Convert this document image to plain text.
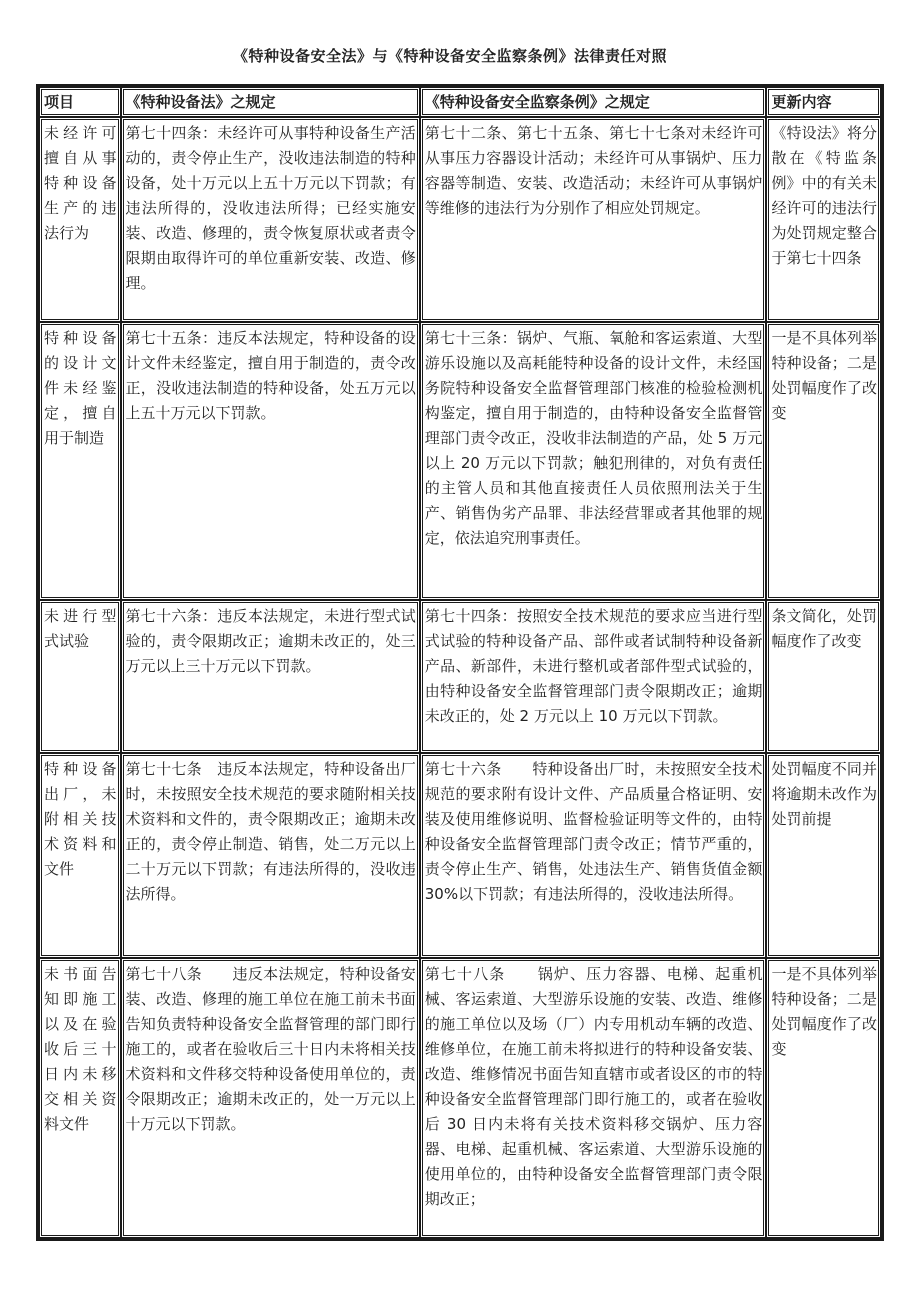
《特种设备安全法》与《特种设备安全监察条例》法律责任对照
项目	《特种设备法》之规定	《特种设备安全监察条例》之规定	更新内容
未经许可擅自从事特种设备生产的违法行为	第七十四条：未经许可从事特种设备生产活动的，责令停止生产，没收违法制造的特种设备，处十万元以上五十万元以下罚款；有违法所得的，没收违法所得；已经实施安装、改造、修理的，责令恢复原状或者责令限期由取得许可的单位重新安装、改造、修理。	第七十二条、第七十五条、第七十七条对未经许可从事压力容器设计活动；未经许可从事锅炉、压力容器等制造、安装、改造活动；未经许可从事锅炉等维修的违法行为分别作了相应处罚规定。	《特设法》将分散在《特监条例》中的有关未经许可的违法行为处罚规定整合于第七十四条
特种设备的设计文件未经鉴定，擅自用于制造	第七十五条：违反本法规定，特种设备的设计文件未经鉴定，擅自用于制造的，责令改正，没收违法制造的特种设备，处五万元以上五十万元以下罚款。	第七十三条：锅炉、气瓶、氧舱和客运索道、大型游乐设施以及高耗能特种设备的设计文件，未经国务院特种设备安全监督管理部门核准的检验检测机构鉴定，擅自用于制造的，由特种设备安全监督管理部门责令改正，没收非法制造的产品，处 5 万元以上 20 万元以下罚款；触犯刑律的，对负有责任的主管人员和其他直接责任人员依照刑法关于生产、销售伪劣产品罪、非法经营罪或者其他罪的规定，依法追究刑事责任。	一是不具体列举特种设备；二是处罚幅度作了改变
未进行型式试验	第七十六条：违反本法规定，未进行型式试验的，责令限期改正；逾期未改正的，处三万元以上三十万元以下罚款。	第七十四条：按照安全技术规范的要求应当进行型式试验的特种设备产品、部件或者试制特种设备新产品、新部件，未进行整机或者部件型式试验的，由特种设备安全监督管理部门责令限期改正；逾期未改正的，处 2 万元以上 10 万元以下罚款。	条文简化，处罚幅度作了改变
特种设备出厂，未附相关技术资料和文件	第七十七条　违反本法规定，特种设备出厂时，未按照安全技术规范的要求随附相关技术资料和文件的，责令限期改正；逾期未改正的，责令停止制造、销售，处二万元以上二十万元以下罚款；有违法所得的，没收违法所得。	第七十六条　　特种设备出厂时，未按照安全技术规范的要求附有设计文件、产品质量合格证明、安装及使用维修说明、监督检验证明等文件的，由特种设备安全监督管理部门责令改正；情节严重的，责令停止生产、销售，处违法生产、销售货值金额 30%以下罚款；有违法所得的，没收违法所得。	处罚幅度不同并将逾期未改作为处罚前提
未书面告知即施工以及在验收后三十日内未移交相关资料文件	第七十八条　　违反本法规定，特种设备安装、改造、修理的施工单位在施工前未书面告知负责特种设备安全监督管理的部门即行施工的，或者在验收后三十日内未将相关技术资料和文件移交特种设备使用单位的，责令限期改正；逾期未改正的，处一万元以上十万元以下罚款。	第七十八条　　锅炉、压力容器、电梯、起重机械、客运索道、大型游乐设施的安装、改造、维修的施工单位以及场（厂）内专用机动车辆的改造、维修单位，在施工前未将拟进行的特种设备安装、改造、维修情况书面告知直辖市或者设区的市的特种设备安全监督管理部门即行施工的，或者在验收后 30 日内未将有关技术资料移交锅炉、压力容器、电梯、起重机械、客运索道、大型游乐设施的使用单位的，由特种设备安全监督管理部门责令限期改正；	一是不具体列举特种设备；二是处罚幅度作了改变
